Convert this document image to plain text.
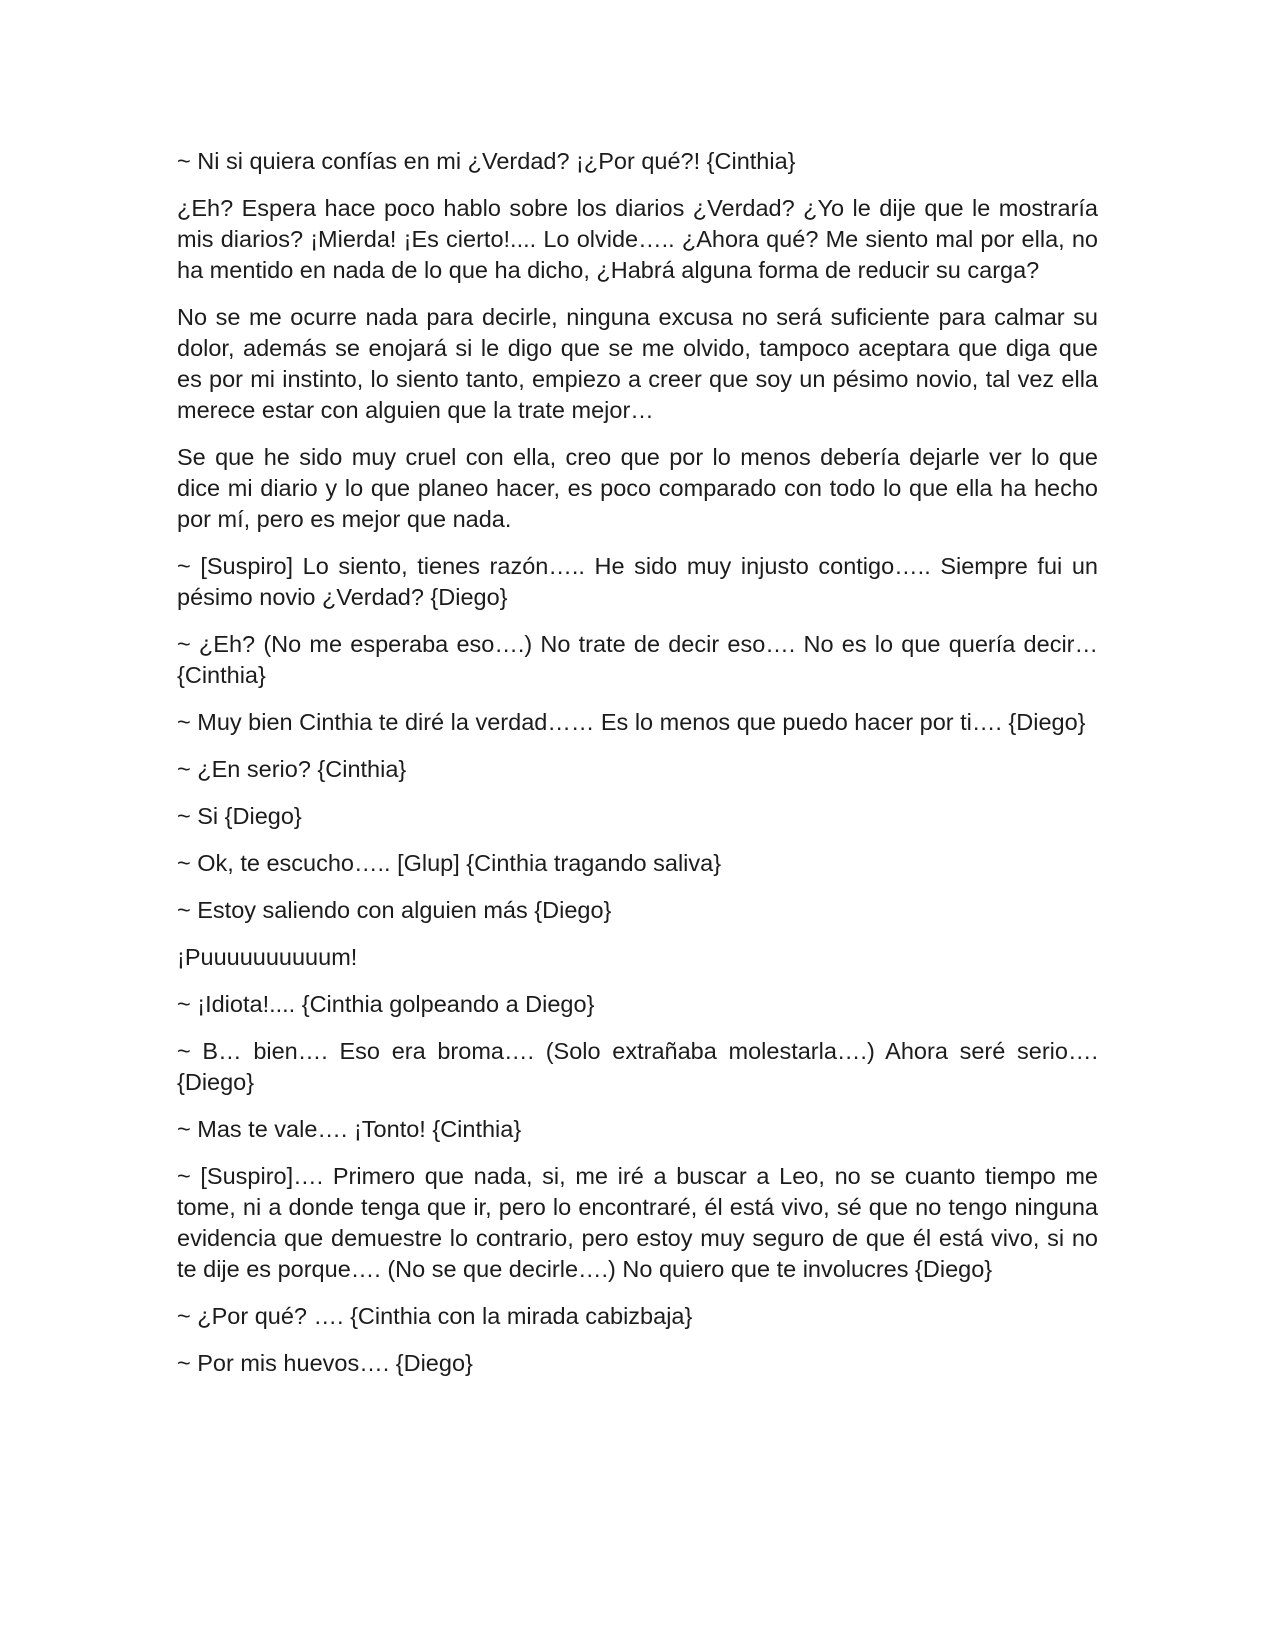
~ Ni si quiera confías en mi ¿Verdad? ¡¿Por qué?! {Cinthia}

¿Eh? Espera hace poco hablo sobre los diarios ¿Verdad? ¿Yo le dije que le mostraría mis diarios? ¡Mierda! ¡Es cierto!.... Lo olvide….. ¿Ahora qué? Me siento mal por ella, no ha mentido en nada de lo que ha dicho, ¿Habrá alguna forma de reducir su carga?

No se me ocurre nada para decirle, ninguna excusa no será suficiente para calmar su dolor, además se enojará si le digo que se me olvido, tampoco aceptara que diga que es por mi instinto, lo siento tanto, empiezo a creer que soy un pésimo novio, tal vez ella merece estar con alguien que la trate mejor…

Se que he sido muy cruel con ella, creo que por lo menos debería dejarle ver lo que dice mi diario y lo que planeo hacer, es poco comparado con todo lo que ella ha hecho por mí, pero es mejor que nada.

~ [Suspiro] Lo siento, tienes razón….. He sido muy injusto contigo….. Siempre fui un pésimo novio ¿Verdad? {Diego}

~ ¿Eh? (No me esperaba eso….) No trate de decir eso…. No es lo que quería decir… {Cinthia}

~ Muy bien Cinthia te diré la verdad…… Es lo menos que puedo hacer por ti…. {Diego}

~ ¿En serio? {Cinthia}

~ Si {Diego}

~ Ok, te escucho….. [Glup] {Cinthia tragando saliva}

~ Estoy saliendo con alguien más {Diego}

¡Puuuuuuuuuum!

~ ¡Idiota!.... {Cinthia golpeando a Diego}

~ B… bien…. Eso era broma…. (Solo extrañaba molestarla….) Ahora seré serio…. {Diego}

~ Mas te vale…. ¡Tonto! {Cinthia}

~ [Suspiro]…. Primero que nada, si, me iré a buscar a Leo, no se cuanto tiempo me tome, ni a donde tenga que ir, pero lo encontraré, él está vivo, sé que no tengo ninguna evidencia que demuestre lo contrario, pero estoy muy seguro de que él está vivo, si no te dije es porque…. (No se que decirle….) No quiero que te involucres {Diego}

~ ¿Por qué? …. {Cinthia con la mirada cabizbaja}

~ Por mis huevos…. {Diego}
